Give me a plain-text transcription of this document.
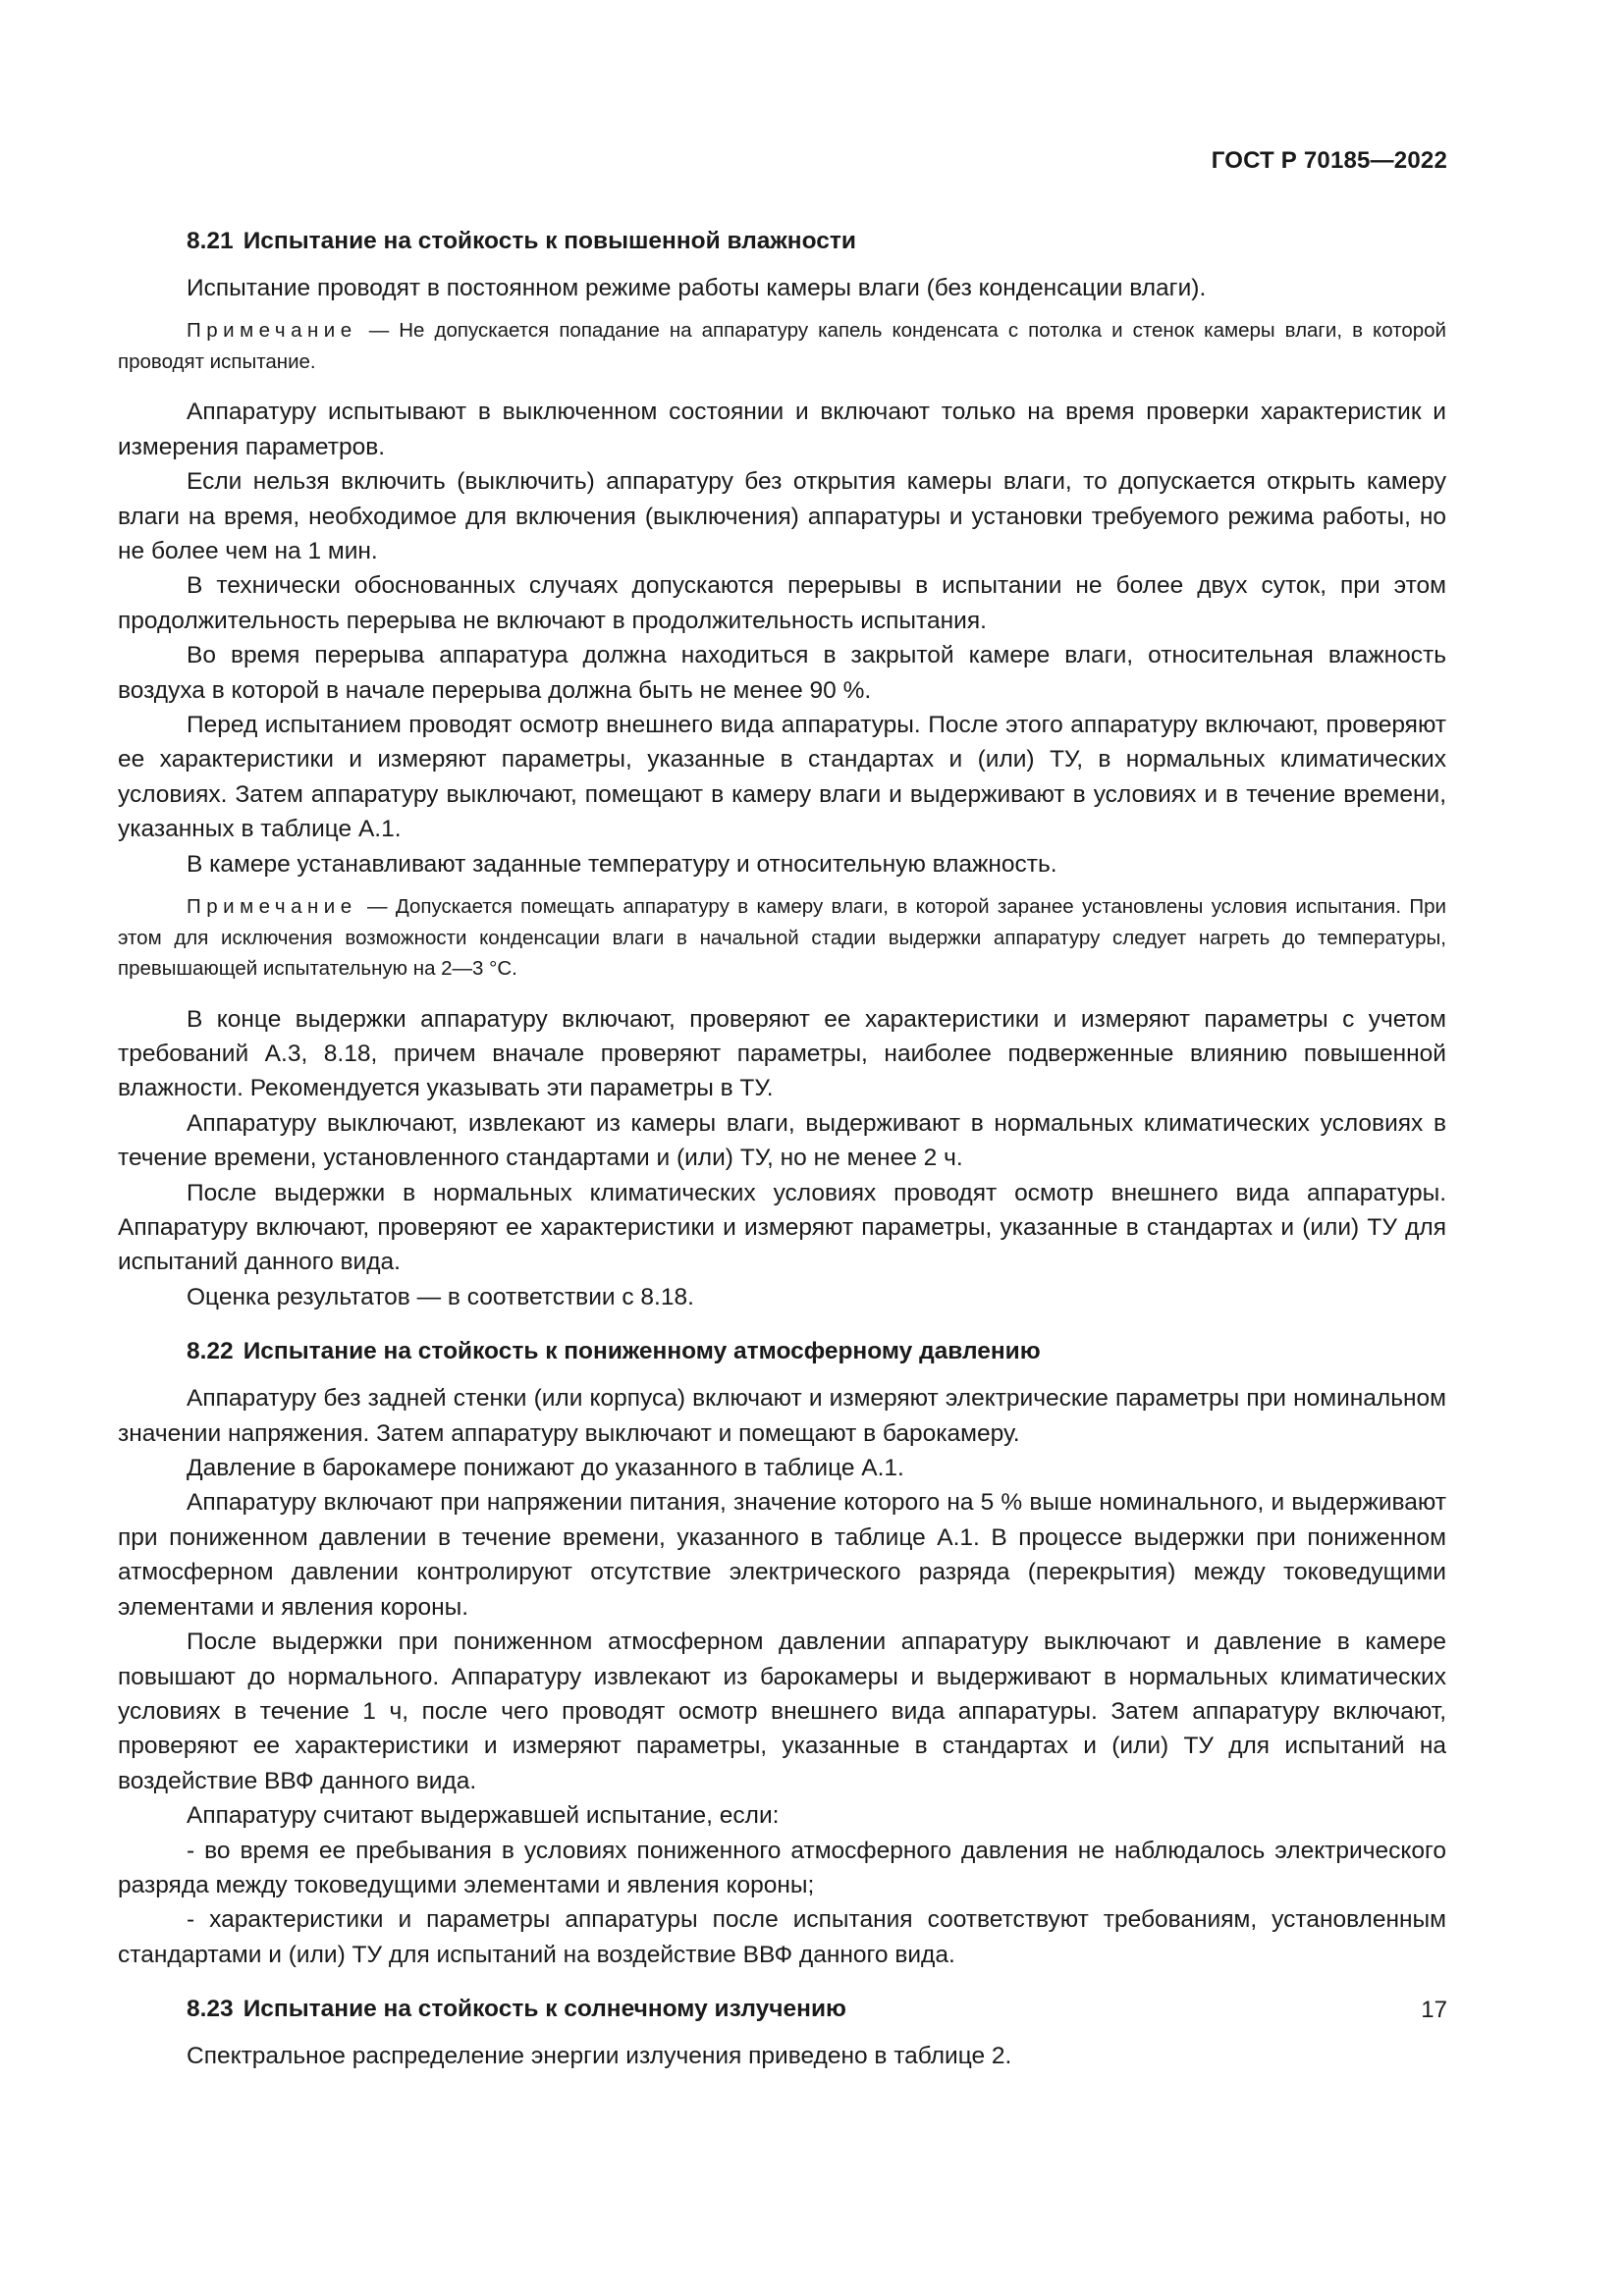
ГОСТ Р 70185—2022
8.21 Испытание на стойкость к повышенной влажности

Испытание проводят в постоянном режиме работы камеры влаги (без конденсации влаги).

Примечание — Не допускается попадание на аппаратуру капель конденсата с потолка и стенок камеры влаги, в которой проводят испытание.

Аппаратуру испытывают в выключенном состоянии и включают только на время проверки характеристик и измерения параметров.

Если нельзя включить (выключить) аппаратуру без открытия камеры влаги, то допускается открыть камеру влаги на время, необходимое для включения (выключения) аппаратуры и установки требуемого режима работы, но не более чем на 1 мин.

В технически обоснованных случаях допускаются перерывы в испытании не более двух суток, при этом продолжительность перерыва не включают в продолжительность испытания.

Во время перерыва аппаратура должна находиться в закрытой камере влаги, относительная влажность воздуха в которой в начале перерыва должна быть не менее 90 %.

Перед испытанием проводят осмотр внешнего вида аппаратуры. После этого аппаратуру включают, проверяют ее характеристики и измеряют параметры, указанные в стандартах и (или) ТУ, в нормальных климатических условиях. Затем аппаратуру выключают, помещают в камеру влаги и выдерживают в условиях и в течение времени, указанных в таблице А.1.

В камере устанавливают заданные температуру и относительную влажность.

Примечание — Допускается помещать аппаратуру в камеру влаги, в которой заранее установлены условия испытания. При этом для исключения возможности конденсации влаги в начальной стадии выдержки аппаратуру следует нагреть до температуры, превышающей испытательную на 2—3 °С.

В конце выдержки аппаратуру включают, проверяют ее характеристики и измеряют параметры с учетом требований А.3, 8.18, причем вначале проверяют параметры, наиболее подверженные влиянию повышенной влажности. Рекомендуется указывать эти параметры в ТУ.

Аппаратуру выключают, извлекают из камеры влаги, выдерживают в нормальных климатических условиях в течение времени, установленного стандартами и (или) ТУ, но не менее 2 ч.

После выдержки в нормальных климатических условиях проводят осмотр внешнего вида аппаратуры. Аппаратуру включают, проверяют ее характеристики и измеряют параметры, указанные в стандартах и (или) ТУ для испытаний данного вида.

Оценка результатов — в соответствии с 8.18.

8.22 Испытание на стойкость к пониженному атмосферному давлению

Аппаратуру без задней стенки (или корпуса) включают и измеряют электрические параметры при номинальном значении напряжения. Затем аппаратуру выключают и помещают в барокамеру.

Давление в барокамере понижают до указанного в таблице А.1.

Аппаратуру включают при напряжении питания, значение которого на 5 % выше номинального, и выдерживают при пониженном давлении в течение времени, указанного в таблице А.1. В процессе выдержки при пониженном атмосферном давлении контролируют отсутствие электрического разряда (перекрытия) между токоведущими элементами и явления короны.

После выдержки при пониженном атмосферном давлении аппаратуру выключают и давление в камере повышают до нормального. Аппаратуру извлекают из барокамеры и выдерживают в нормальных климатических условиях в течение 1 ч, после чего проводят осмотр внешнего вида аппаратуры. Затем аппаратуру включают, проверяют ее характеристики и измеряют параметры, указанные в стандартах и (или) ТУ для испытаний на воздействие ВВФ данного вида.

Аппаратуру считают выдержавшей испытание, если:

- во время ее пребывания в условиях пониженного атмосферного давления не наблюдалось электрического разряда между токоведущими элементами и явления короны;

- характеристики и параметры аппаратуры после испытания соответствуют требованиям, установленным стандартами и (или) ТУ для испытаний на воздействие ВВФ данного вида.

8.23 Испытание на стойкость к солнечному излучению

Спектральное распределение энергии излучения приведено в таблице 2.

17
